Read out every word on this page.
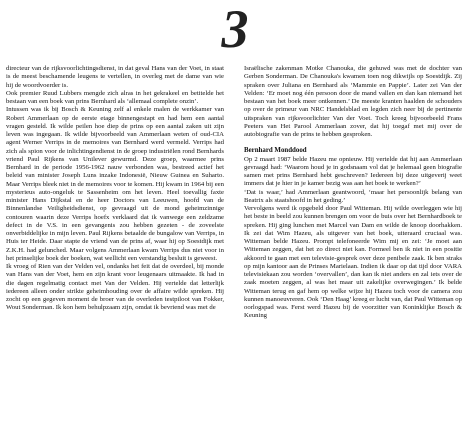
3

directeur van de rijksvoorlichtingsdienst, in dat geval Hans van der Voet, in staat is de meest beschamende leugens te vertellen, in overleg met de dame van wie hij de woordvoerder is.

Ook premier Ruud Lubbers mengde zich alras in het gekrakeel en betitelde het bestaan van een boek van prins Bernhard als ‘allemaal complete onzin’.

Intussen was ik bij Bosch & Keuning zelf al enkele malen de werkkamer van Robert Ammerlaan op de eerste etage binnengestapt en had hem een aantal vragen gesteld. Ik wilde peilen hoe diep de prins op een aantal zaken uit zijn leven was ingegaan. Ik wilde bijvoorbeeld van Ammerlaan weten of oud-CIA agent Werner Verrips in de memoires van Bernhard werd vermeld. Verrips had zich als spion voor de inlichtingendienst in de groep industriëlen rond Bernhards vriend Paul Rijkens van Unilever gewurmd. Deze groep, waarmee prins Bernhard in de periode 1956-1962 nauw verbonden was, bestreed actief het beleid van minister Joseph Luns inzake Indonesië, Nieuw Guinea en Suharto. Maar Verrips bleek niet in de memoires voor te komen. Hij kwam in 1964 bij een mysterieus auto-ongeluk te Sassenheim om het leven. Heel toevallig faxte minister Hans Dijkstal en de heer Doctors van Leeuwen, hoofd van de Binnenlandse Veiligheidsdienst, op gevraagd uit de mond geheimzinnige contouren waarin deze Verrips hoefx verklaard dat ik vanwege een zeldzame defect in de V.S. in een gevangenis zou hebben gezeten - de zoveelste onverbiddelijke in mijn leven. Paul Rijkens betaalde de bungalow van Verrips, in Huis ter Heide. Daar stapte de vriend van de prins af, waar hij op Soestdijk met Z.K.H. had gelunched. Maar volgens Ammerlaan kwam Verrips dus niet voor in het prinselijke boek der boeken, wat wellicht een verstandig besluit is geweest.

Ik vroeg of Rien van der Velden vel, ondanks het feit dat de overdeel, bij monde van Hans van der Voet, hem en zijn krant voor leugenaars uitmaakte. Ik had in die dagen regelmatig contact met Van der Velden. Hij vertelde dat letterlijk iedereen alleen onder strikte geheimhouding over de affaire wilde spreken. Hij zocht op een gegeven moment de broer van de overleden testpiloot van Fokker, Wout Sonderman. Ik kon hem behulpzaam zijn, omdat ik bevriend was met de

Israëlische zakenman Motke Chanouka, die gehuwd was met de dochter van Gerben Sonderman. De Chanouka's kwamen toen nog dikwijls op Soestdijk. Zij spraken over Juliana en Bernhard als ‘Mammie en Pappie’. Later zei Van der Velden: ‘Er moet nog één persoon door de mand vallen en dan kan niemand het bestaan van het boek meer ontkennen.’ De meeste kranten haalden de schouders op over de primeur van NRC Handelsblad en legden zich neer bij de pertinente uitspraken van rijksvoorlichter Van der Voet. Toch kreeg bijvoorbeeld Frans Peeters van Het Parool Ammerlaan zover, dat hij toegaf met mij over de autobiografie van de prins te hebben gesproken.

Bernhard Monddood

Op 2 maart 1987 belde Hazeu me opnieuw. Hij vertelde dat hij aan Ammerlaan gevraagd had: ‘Waarom houd je in godsnaam vol dat je helemaal geen biografie samen met prins Bernhard hebt geschreven? Iedereen bij deze uitgeverij weet immers dat je hier in je kamer bezig was aan het boek te werken?’

‘Dat is waar,’ had Ammerlaan geantwoord, ‘maar het persoonlijk belang van Beatrix als staatshoofd in het geding.’

Vervolgens werd ik opgebeld door Paul Witteman. Hij wilde overleggen wie hij het beste in beeld zou kunnen brengen om voor de buis over het Bernhardboek te spreken. Hij ging lunchen met Marcel van Dam en wilde de knoop doorhakken. Ik zei dat Wim Hazeu, als uitgever van het boek, uiteraard cruciaal was. Witteman belde Hazeu. Prompt telefoneerde Wim mij en zei: ‘Je moet aan Witteman zeggen, dat het zo direct niet kan. Formeel ben ik niet in een positie akkoord te gaan met een televisie-gesprek over deze penibele zaak. Ik ben straks op mijn kantoor aan de Prinses Marielaan. Indien ik daar op dat tijd door VARA televisiekaan zou worden ‘overvallen’, dan kan ik niet anders en zal iets over de zaak moeten zeggen, al was het maar uit zakelijke overwegingen.’ Ik belde Witteman terug en gaf hem op welke wijze hij Hazeu toch voor de camera zou kunnen manoeuvreren. Ook ‘Den Haag’ kreeg er lucht van, dat Paul Witteman op oorlogspad was. Ferst werd Hazeu bij de voorzitter van Koninklijke Bosch & Keuning
